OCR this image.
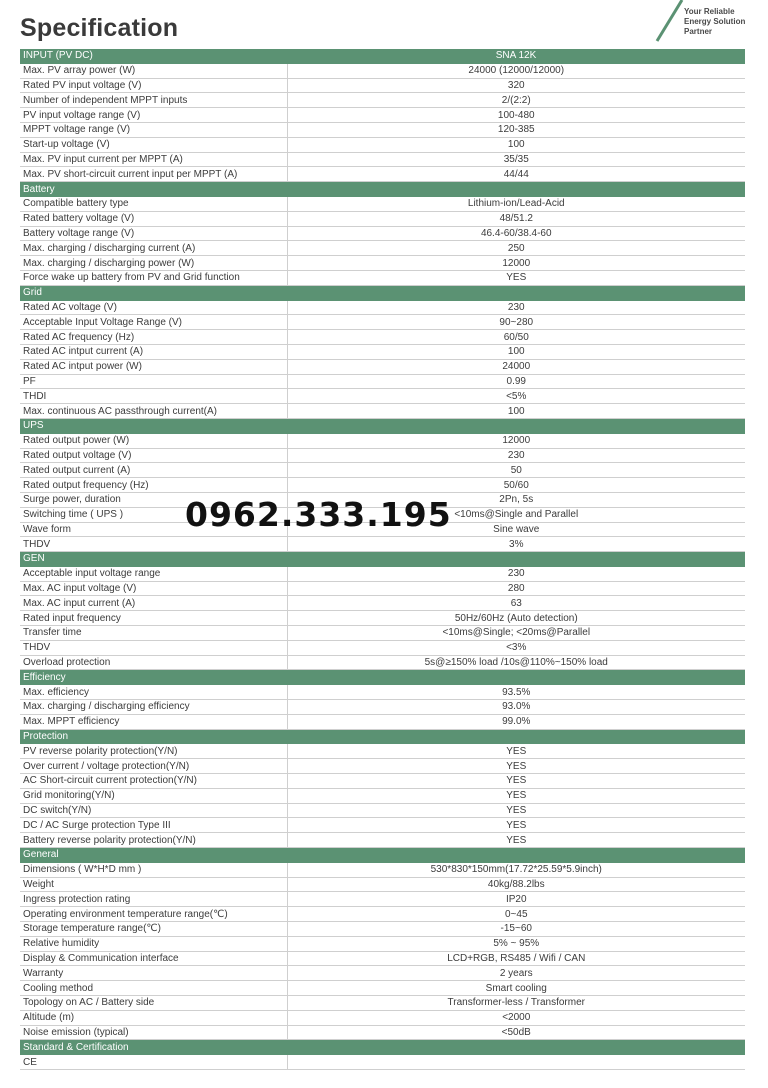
Specification
Your Reliable
Energy Solution
Partner
INPUT (PV DC)	SNA 12K
Max. PV array power (W)	24000 (12000/12000)
Rated PV input voltage (V)	320
Number of independent MPPT inputs	2/(2:2)
PV input voltage range (V)	100-480
MPPT voltage range (V)	120-385
Start-up voltage (V)	100
Max. PV input current per MPPT (A)	35/35
Max. PV short-circuit current input per MPPT (A)	44/44
Battery	
Compatible battery type	Lithium-ion/Lead-Acid
Rated battery voltage (V)	48/51.2
Battery voltage range (V)	46.4-60/38.4-60
Max. charging / discharging current (A)	250
Max. charging / discharging power (W)	12000
Force wake up battery from PV and Grid function	YES
Grid	
Rated AC voltage (V)	230
Acceptable Input Voltage Range (V)	90~280
Rated AC frequency (Hz)	60/50
Rated AC intput current (A)	100
Rated AC intput power (W)	24000
PF	0.99
THDI	<5%
Max. continuous AC passthrough current(A)	100
UPS	
Rated output power (W)	12000
Rated output voltage (V)	230
Rated output current (A)	50
Rated output frequency (Hz)	50/60
Surge power, duration	2Pn, 5s
Switching time ( UPS )	<10ms@Single and Parallel
Wave form	Sine wave
THDV	3%
GEN	
Acceptable input voltage range	230
Max. AC input voltage (V)	280
Max. AC input current (A)	63
Rated input frequency	50Hz/60Hz (Auto detection)
Transfer time	<10ms@Single; <20ms@Parallel
THDV	<3%
Overload protection	5s@≥150% load /10s@110%~150% load
Efficiency	
Max. efficiency	93.5%
Max. charging / discharging efficiency	93.0%
Max. MPPT efficiency	99.0%
Protection	
PV reverse polarity protection(Y/N)	YES
Over current / voltage protection(Y/N)	YES
AC Short-circuit current protection(Y/N)	YES
Grid monitoring(Y/N)	YES
DC switch(Y/N)	YES
DC / AC Surge protection Type III	YES
Battery reverse polarity protection(Y/N)	YES
General	
Dimensions ( W*H*D mm )	530*830*150mm(17.72*25.59*5.9inch)
Weight	40kg/88.2lbs
Ingress protection rating	IP20
Operating environment temperature range(℃)	0~45
Storage temperature range(℃)	-15~60
Relative humidity	5% ~ 95%
Display & Communication interface	LCD+RGB, RS485 / Wifi / CAN
Warranty	2 years
Cooling method	Smart cooling
Topology on AC / Battery side	Transformer-less / Transformer
Altitude (m)	<2000
Noise emission (typical)	<50dB
Standard & Certification	
CE	
0962.333.195
